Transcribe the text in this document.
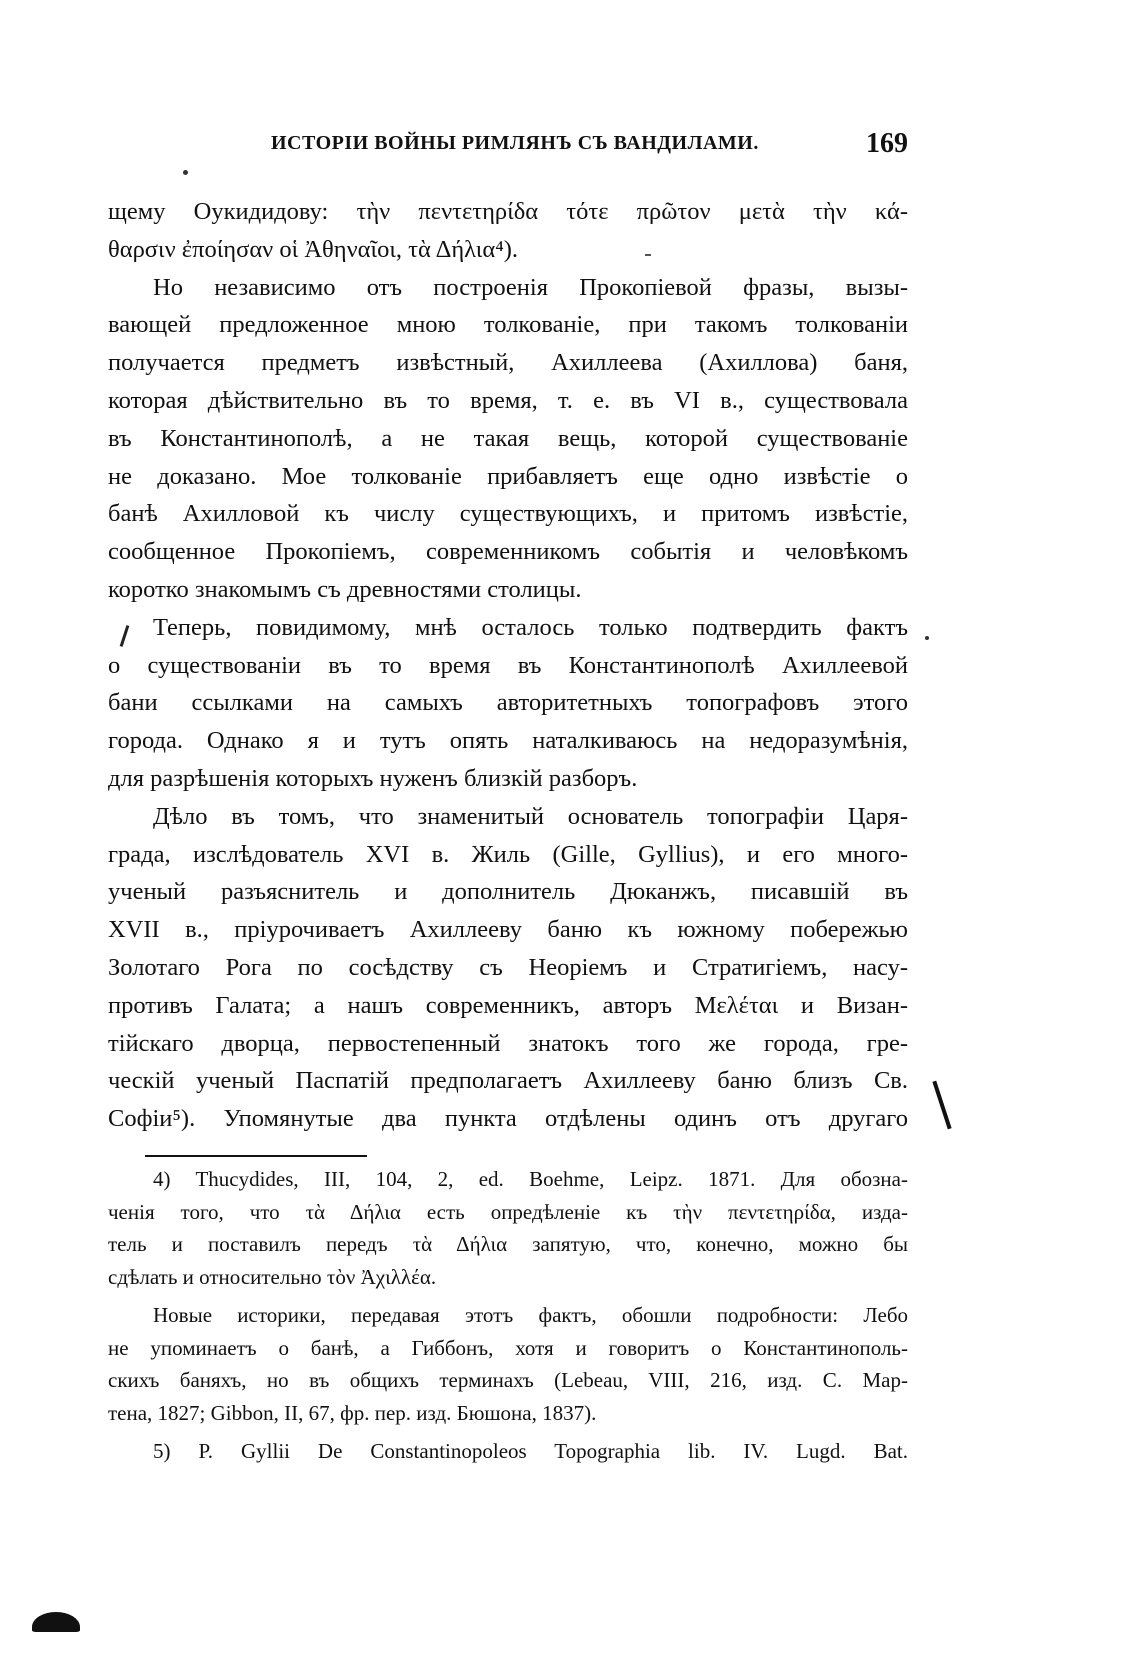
ИСТОРІИ ВОЙНЫ РИМЛЯНЪ СЪ ВАНДИЛАМИ.	169
щему Оукидидову: τὴν πεντετηρίδα τότε πρῶτον μετὰ τὴν κά-
θαρσιν ἐποίησαν οἱ Ἀθηναῖοι, τὰ Δήλια⁴).
Но независимо отъ построенія Прокопіевой фразы, вызы-
вающей предложенное мною толкованіе, при такомъ толкованіи
получается предметъ извѣстный, Ахиллеева (Ахиллова) баня,
которая дѣйствительно въ то время, т. е. въ VI в., существовала
въ Константинополѣ, а не такая вещь, которой существованіе
не доказано. Мое толкованіе прибавляетъ еще одно извѣстіе о
банѣ Ахилловой къ числу существующихъ, и притомъ извѣстіе,
сообщенное Прокопіемъ, современникомъ событія и человѣкомъ
коротко знакомымъ съ древностями столицы.
Теперь, повидимому, мнѣ осталось только подтвердить фактъ
о существованіи въ то время въ Константинополѣ Ахиллеевой
бани ссылками на самыхъ авторитетныхъ топографовъ этого
города. Однако я и тутъ опять наталкиваюсь на недоразумѣнія,
для разрѣшенія которыхъ нуженъ близкій разборъ.
Дѣло въ томъ, что знаменитый основатель топографіи Царя-
града, изслѣдователь XVI в. Жиль (Gille, Gyllius), и его много-
ученый разъяснитель и дополнитель Дюканжъ, писавшій въ
XVII в., пріурочиваетъ Ахиллееву баню къ южному побережью
Золотаго Рога по сосѣдству съ Неоріемъ и Стратигіемъ, насу-
противъ Галата; а нашъ современникъ, авторъ Μελέται и Визан-
тійскаго дворца, первостепенный знатокъ того же города, гре-
ческій ученый Паспатій предполагаетъ Ахиллееву баню близъ Св.
Софіи⁵). Упомянутые два пункта отдѣлены одинъ отъ другаго
4) Thucydides, III, 104, 2, ed. Boehme, Leipz. 1871. Для обозна-
ченія того, что τὰ Δήλια есть опредѣленіе къ τὴν πεντετηρίδα, изда-
тель и поставилъ передъ τὰ Δήλια запятую, что, конечно, можно бы
сдѣлать и относительно τὸν Ἀχιλλέα.
Новые историки, передавая этотъ фактъ, обошли подробности: Лебо
не упоминаетъ о банѣ, а Гиббонъ, хотя и говоритъ о Константинополь-
скихъ баняхъ, но въ общихъ терминахъ (Lebeau, VIII, 216, изд. С. Мар-
тена, 1827; Gibbon, II, 67, фр. пер. изд. Бюшона, 1837).
5) P. Gyllii De Constantinopoleos Topographia lib. IV. Lugd. Bat.
